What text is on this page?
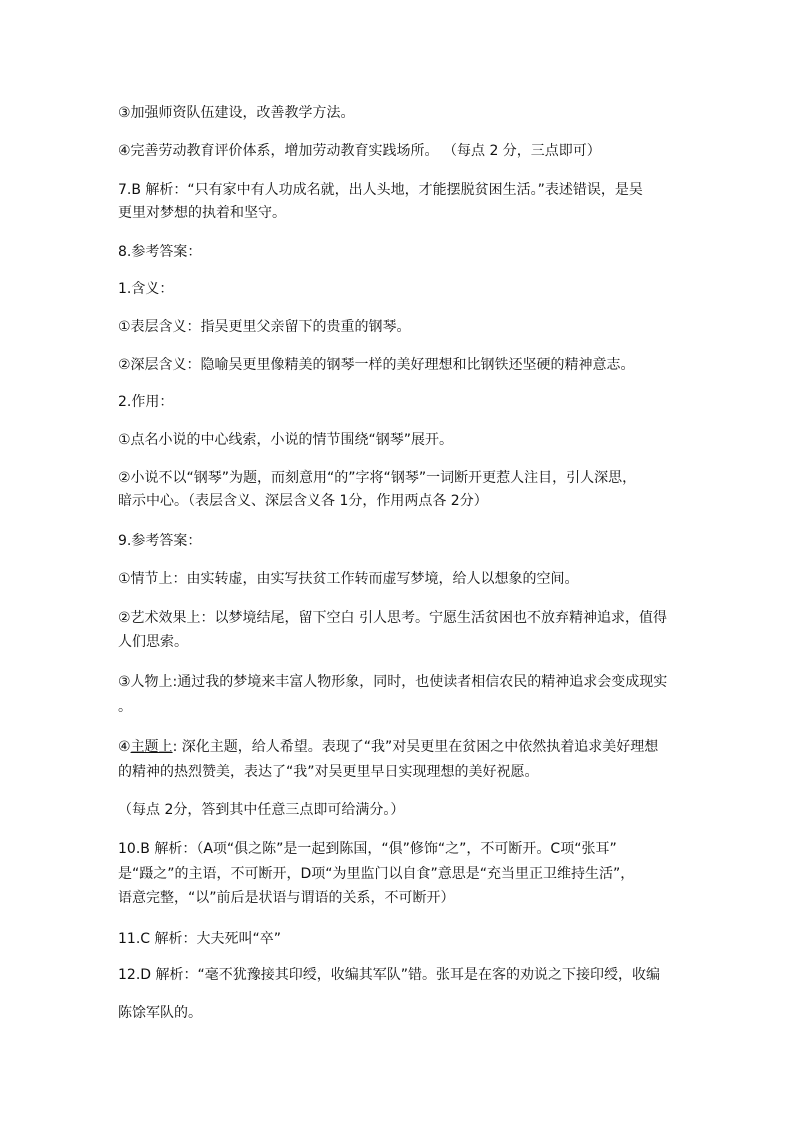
③加强师资队伍建设，改善教学方法。
④完善劳动教育评价体系，增加劳动教育实践场所。 （每点 2 分，三点即可）
7.B 解析：“只有家中有人功成名就，出人头地，才能摆脱贫困生活。”表述错误，是吴
更里对梦想的执着和坚守。
8.参考答案：
1.含义：
①表层含义：指吴更里父亲留下的贵重的钢琴。
②深层含义：隐喻吴更里像精美的钢琴一样的美好理想和比钢铁还坚硬的精神意志。
2.作用：
①点名小说的中心线索，小说的情节围绕“钢琴”展开。
②小说不以“钢琴”为题，而刻意用“的”字将“钢琴”一词断开更惹人注目，引人深思，
暗示中心。（表层含义、深层含义各 1分，作用两点各 2分）
9.参考答案：
①情节上：由实转虚，由实写扶贫工作转而虚写梦境，给人以想象的空间。
②艺术效果上：以梦境结尾，留下空白 引人思考。宁愿生活贫困也不放弃精神追求，值得
人们思索。
③人物上:通过我的梦境来丰富人物形象，同时，也使读者相信农民的精神追求会变成现实
。
④主题上: 深化主题，给人希望。表现了“我”对吴更里在贫困之中依然执着追求美好理想
的精神的热烈赞美，表达了“我”对吴更里早日实现理想的美好祝愿。
（每点 2分，答到其中任意三点即可给满分。）
10.B 解析：（A项“俱之陈”是一起到陈国，“俱”修饰“之”，不可断开。C项“张耳”
是“蹑之”的主语，不可断开，D项“为里监门以自食”意思是“充当里正卫维持生活”，
语意完整，“以”前后是状语与谓语的关系，不可断开）
11.C 解析：大夫死叫“卒”
12.D 解析：“毫不犹豫接其印绶，收编其军队”错。张耳是在客的劝说之下接印绶，收编
陈馀军队的。
